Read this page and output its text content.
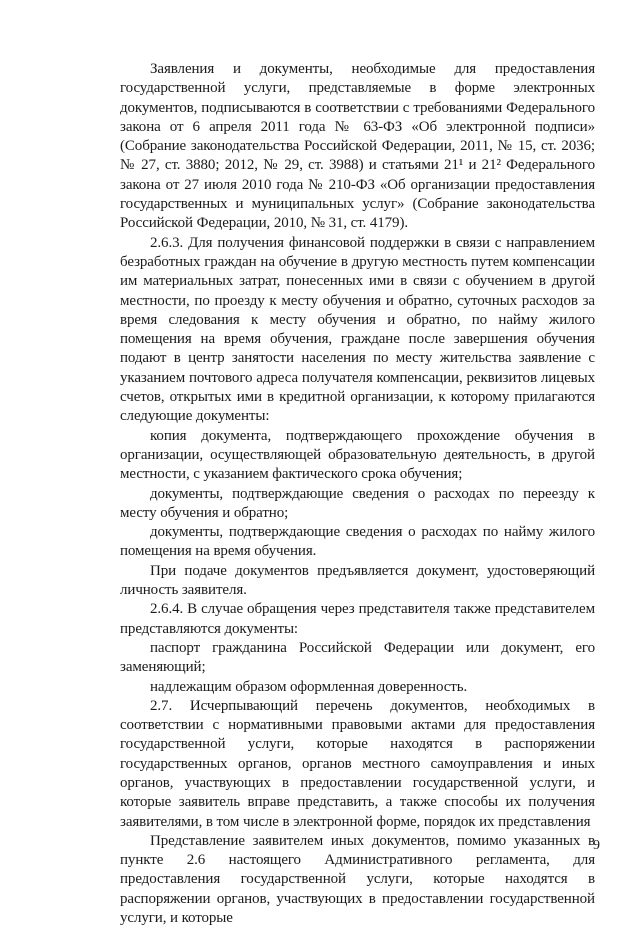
Заявления и документы, необходимые для предоставления государственной услуги, представляемые в форме электронных документов, подписываются в соответствии с требованиями Федерального закона от 6 апреля 2011 года № 63-ФЗ «Об электронной подписи» (Собрание законодательства Российской Федерации, 2011, № 15, ст. 2036; № 27, ст. 3880; 2012, № 29, ст. 3988) и статьями 21¹ и 21² Федерального закона от 27 июля 2010 года № 210-ФЗ «Об организации предоставления государственных и муниципальных услуг» (Собрание законодательства Российской Федерации, 2010, № 31, ст. 4179).

2.6.3. Для получения финансовой поддержки в связи с направлением безработных граждан на обучение в другую местность путем компенсации им материальных затрат, понесенных ими в связи с обучением в другой местности, по проезду к месту обучения и обратно, суточных расходов за время следования к месту обучения и обратно, по найму жилого помещения на время обучения, граждане после завершения обучения подают в центр занятости населения по месту жительства заявление с указанием почтового адреса получателя компенсации, реквизитов лицевых счетов, открытых ими в кредитной организации, к которому прилагаются следующие документы:

копия документа, подтверждающего прохождение обучения в организации, осуществляющей образовательную деятельность, в другой местности, с указанием фактического срока обучения;

документы, подтверждающие сведения о расходах по переезду к месту обучения и обратно;

документы, подтверждающие сведения о расходах по найму жилого помещения на время обучения.

При подаче документов предъявляется документ, удостоверяющий личность заявителя.

2.6.4. В случае обращения через представителя также представителем представляются документы:

паспорт гражданина Российской Федерации или документ, его заменяющий;

надлежащим образом оформленная доверенность.

2.7. Исчерпывающий перечень документов, необходимых в соответствии с нормативными правовыми актами для предоставления государственной услуги, которые находятся в распоряжении государственных органов, органов местного самоуправления и иных органов, участвующих в предоставлении государственной услуги, и которые заявитель вправе представить, а также способы их получения заявителями, в том числе в электронной форме, порядок их представления

Представление заявителем иных документов, помимо указанных в пункте 2.6 настоящего Административного регламента, для предоставления государственной услуги, которые находятся в распоряжении органов, участвующих в предоставлении государственной услуги, и которые

9
